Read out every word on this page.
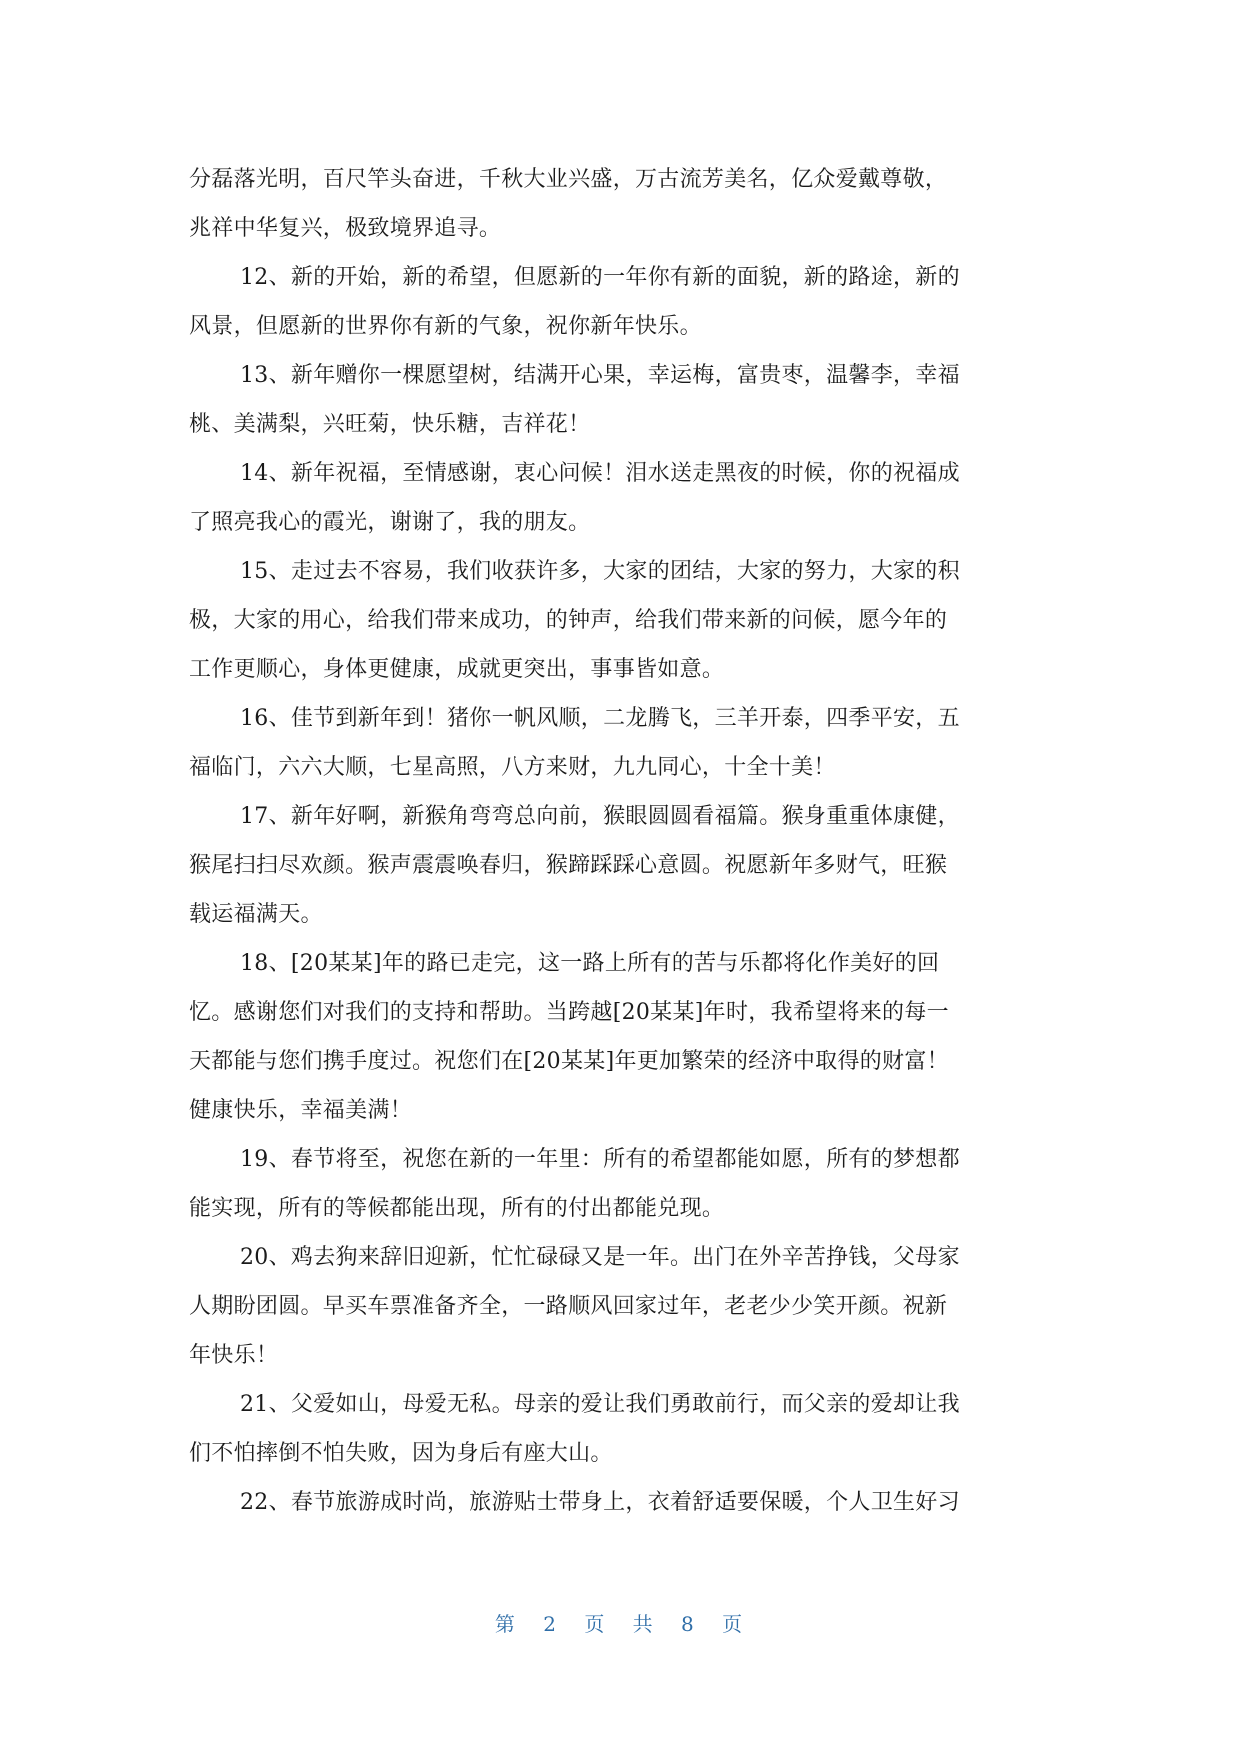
分磊落光明，百尺竿头奋进，千秋大业兴盛，万古流芳美名，亿众爱戴尊敬，
兆祥中华复兴，极致境界追寻。
12、新的开始，新的希望，但愿新的一年你有新的面貌，新的路途，新的
风景，但愿新的世界你有新的气象，祝你新年快乐。
13、新年赠你一棵愿望树，结满开心果，幸运梅，富贵枣，温馨李，幸福
桃、美满梨，兴旺菊，快乐糖，吉祥花！
14、新年祝福，至情感谢，衷心问候！泪水送走黑夜的时候，你的祝福成
了照亮我心的霞光，谢谢了，我的朋友。
15、走过去不容易，我们收获许多，大家的团结，大家的努力，大家的积
极，大家的用心，给我们带来成功，的钟声，给我们带来新的问候，愿今年的
工作更顺心，身体更健康，成就更突出，事事皆如意。
16、佳节到新年到！猪你一帆风顺，二龙腾飞，三羊开泰，四季平安，五
福临门，六六大顺，七星高照，八方来财，九九同心，十全十美！
17、新年好啊，新猴角弯弯总向前，猴眼圆圆看福篇。猴身重重体康健，
猴尾扫扫尽欢颜。猴声震震唤春归，猴蹄踩踩心意圆。祝愿新年多财气，旺猴
载运福满天。
18、[20某某]年的路已走完，这一路上所有的苦与乐都将化作美好的回
忆。感谢您们对我们的支持和帮助。当跨越[20某某]年时，我希望将来的每一
天都能与您们携手度过。祝您们在[20某某]年更加繁荣的经济中取得的财富！
健康快乐，幸福美满！
19、春节将至，祝您在新的一年里：所有的希望都能如愿，所有的梦想都
能实现，所有的等候都能出现，所有的付出都能兑现。
20、鸡去狗来辞旧迎新，忙忙碌碌又是一年。出门在外辛苦挣钱，父母家
人期盼团圆。早买车票准备齐全，一路顺风回家过年，老老少少笑开颜。祝新
年快乐！
21、父爱如山，母爱无私。母亲的爱让我们勇敢前行，而父亲的爱却让我
们不怕摔倒不怕失败，因为身后有座大山。
22、春节旅游成时尚，旅游贴士带身上，衣着舒适要保暖，个人卫生好习
第 2 页 共 8 页
